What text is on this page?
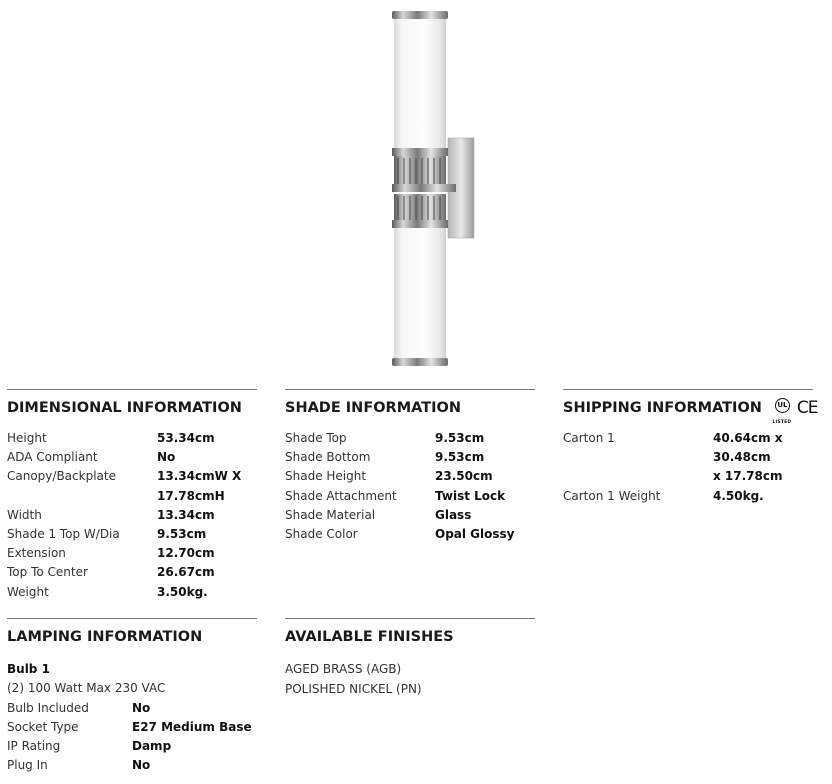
DIMENSIONAL INFORMATION
Height	53.34cm
ADA Compliant	No
Canopy/Backplate	13.34cmW X
17.78cmH
Width	13.34cm
Shade 1 Top W/Dia	9.53cm
Extension	12.70cm
Top To Center	26.67cm
Weight	3.50kg.
SHADE INFORMATION
Shade Top	9.53cm
Shade Bottom	9.53cm
Shade Height	23.50cm
Shade Attachment	Twist Lock
Shade Material	Glass
Shade Color	Opal Glossy
SHIPPING INFORMATION	UL
LISTED
CE
Carton 1	40.64cm x 30.48cm
x 17.78cm
Carton 1 Weight	4.50kg.
LAMPING INFORMATION
Bulb 1
(2) 100 Watt Max 230 VAC
Bulb Included	No
Socket Type	E27 Medium Base
IP Rating	Damp
Plug In	No
AVAILABLE FINISHES
AGED BRASS (AGB)
POLISHED NICKEL (PN)
